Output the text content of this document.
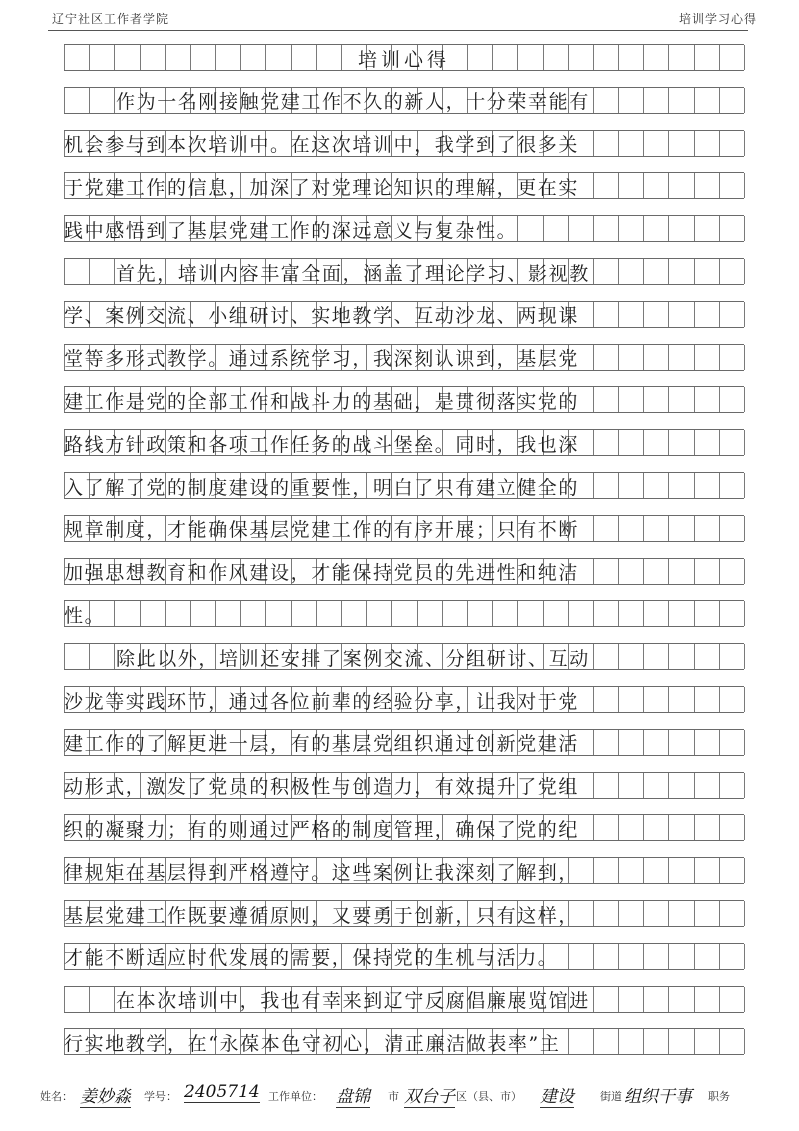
辽宁社区工作者学院	培训学习心得
培训心得
作为一名刚接触党建工作不久的新人，十分荣幸能有
机会参与到本次培训中。在这次培训中，我学到了很多关
于党建工作的信息，加深了对党理论知识的理解，更在实
践中感悟到了基层党建工作的深远意义与复杂性。
首先，培训内容丰富全面，涵盖了理论学习、影视教
学、案例交流、小组研讨、实地教学、互动沙龙、两现课
堂等多形式教学。通过系统学习，我深刻认识到，基层党
建工作是党的全部工作和战斗力的基础，是贯彻落实党的
路线方针政策和各项工作任务的战斗堡垒。同时，我也深
入了解了党的制度建设的重要性，明白了只有建立健全的
规章制度，才能确保基层党建工作的有序开展；只有不断
加强思想教育和作风建设，才能保持党员的先进性和纯洁
性。
除此以外，培训还安排了案例交流、分组研讨、互动
沙龙等实践环节，通过各位前辈的经验分享，让我对于党
建工作的了解更进一层，有的基层党组织通过创新党建活
动形式，激发了党员的积极性与创造力，有效提升了党组
织的凝聚力；有的则通过严格的制度管理，确保了党的纪
律规矩在基层得到严格遵守。这些案例让我深刻了解到，
基层党建工作既要遵循原则，又要勇于创新，只有这样，
才能不断适应时代发展的需要，保持党的生机与活力。
在本次培训中，我也有幸来到辽宁反腐倡廉展览馆进
行实地教学，在“永葆本色守初心，清正廉洁做表率”主
姓名： 姜妙淼 学号： 2405714 工作单位： 盘锦 市 双台子 区（县、市） 建设 街道 组织干事 职务
